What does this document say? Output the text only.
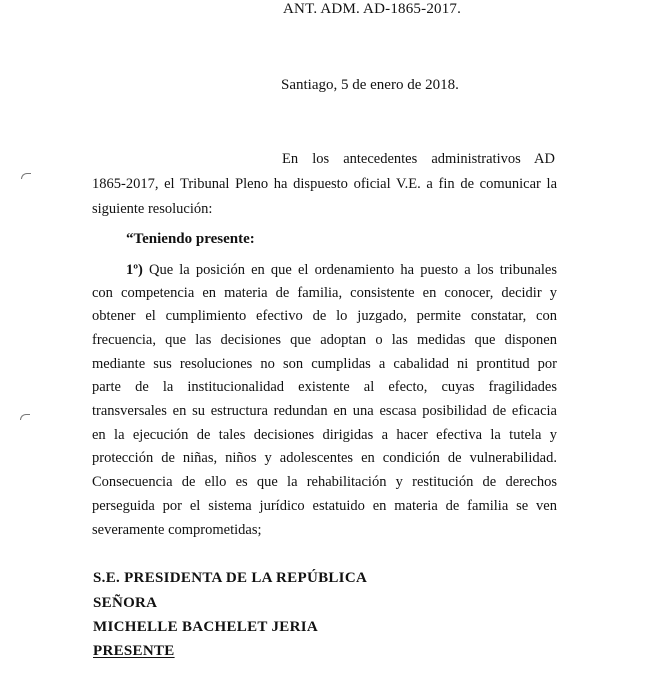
ANT. ADM. AD-1865-2017.
Santiago, 5 de enero de 2018.
En los antecedentes administrativos AD
1865-2017, el Tribunal Pleno ha dispuesto oficial V.E. a fin de comunicar la
siguiente resolución:
“Teniendo presente:
1º) Que la posición en que el ordenamiento ha puesto a los tribunales
con competencia en materia de familia, consistente en conocer, decidir y
obtener el cumplimiento efectivo de lo juzgado, permite constatar, con
frecuencia, que las decisiones que adoptan o las medidas que disponen
mediante sus resoluciones no son cumplidas a cabalidad ni prontitud por
parte de la institucionalidad existente al efecto, cuyas fragilidades
transversales en su estructura redundan en una escasa posibilidad de eficacia
en la ejecución de tales decisiones dirigidas a hacer efectiva la tutela y
protección de niñas, niños y adolescentes en condición de vulnerabilidad.
Consecuencia de ello es que la rehabilitación y restitución de derechos
perseguida por el sistema jurídico estatuido en materia de familia se ven
severamente comprometidas;
S.E. PRESIDENTA DE LA REPÚBLICA
SEÑORA
MICHELLE BACHELET JERIA
PRESENTE
